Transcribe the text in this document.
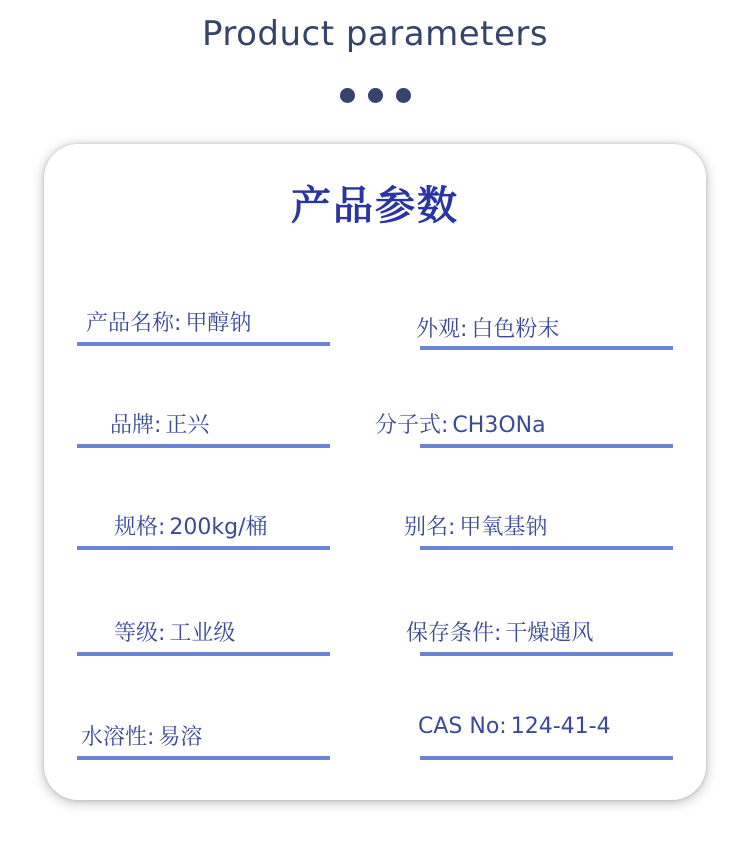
Product parameters
产品参数
产品名称: 甲醇钠	外观: 白色粉末
品牌: 正兴	分子式: CH3ONa
规格: 200kg/桶	别名: 甲氧基钠
等级: 工业级	保存条件: 干燥通风
水溶性: 易溶	CAS No: 124-41-4
